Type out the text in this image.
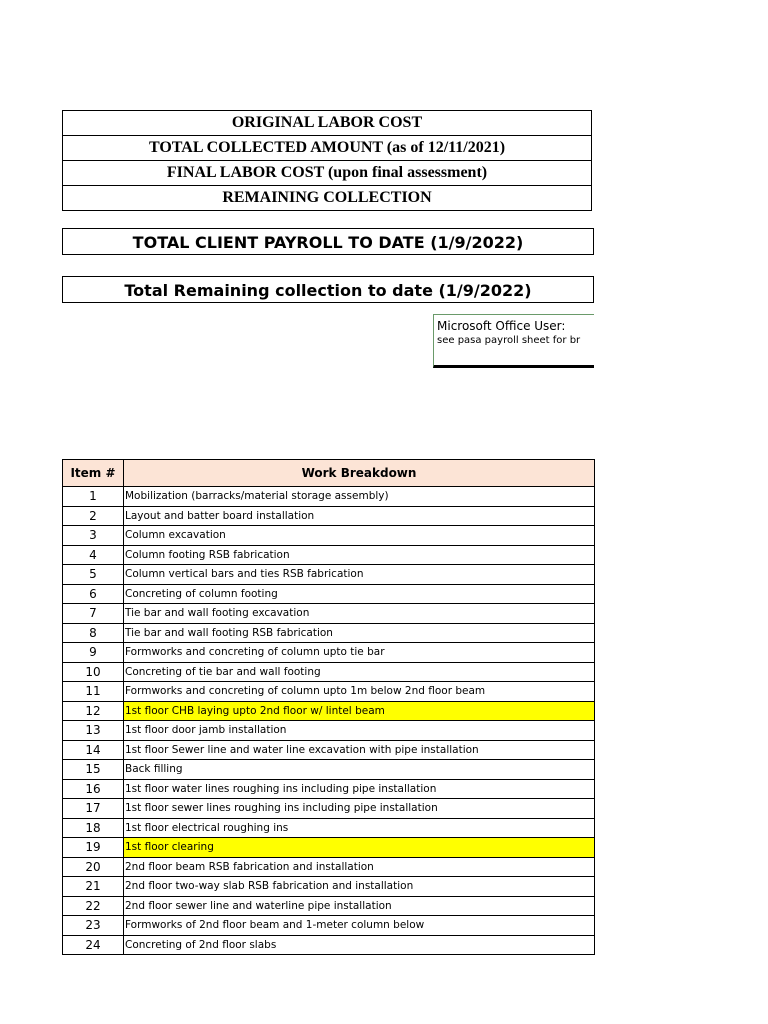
ORIGINAL LABOR COST
TOTAL COLLECTED AMOUNT (as of 12/11/2021)
FINAL LABOR COST (upon final assessment)
REMAINING COLLECTION
TOTAL CLIENT PAYROLL TO DATE (1/9/2022)
Total Remaining collection to date (1/9/2022)
Microsoft Office User:
see pasa payroll sheet for br
Item #	Work Breakdown
1	Mobilization (barracks/material storage assembly)
2	Layout and batter board installation
3	Column excavation
4	Column footing RSB fabrication
5	Column vertical bars and ties RSB fabrication
6	Concreting of column footing
7	Tie bar and wall footing excavation
8	Tie bar and wall footing RSB fabrication
9	Formworks and concreting of column upto tie bar
10	Concreting of tie bar and wall footing
11	Formworks and concreting of column upto 1m below 2nd floor beam
12	1st floor CHB laying upto 2nd floor w/ lintel beam
13	1st floor door jamb installation
14	1st floor Sewer line and water line excavation with pipe installation
15	Back filling
16	1st floor water lines roughing ins including pipe installation
17	1st floor sewer lines roughing ins including pipe installation
18	1st floor electrical roughing ins
19	1st floor clearing
20	2nd floor beam RSB fabrication and installation
21	2nd floor two-way slab RSB fabrication and installation
22	2nd floor sewer line and waterline pipe installation
23	Formworks of 2nd floor beam and 1-meter column below
24	Concreting of 2nd floor slabs
